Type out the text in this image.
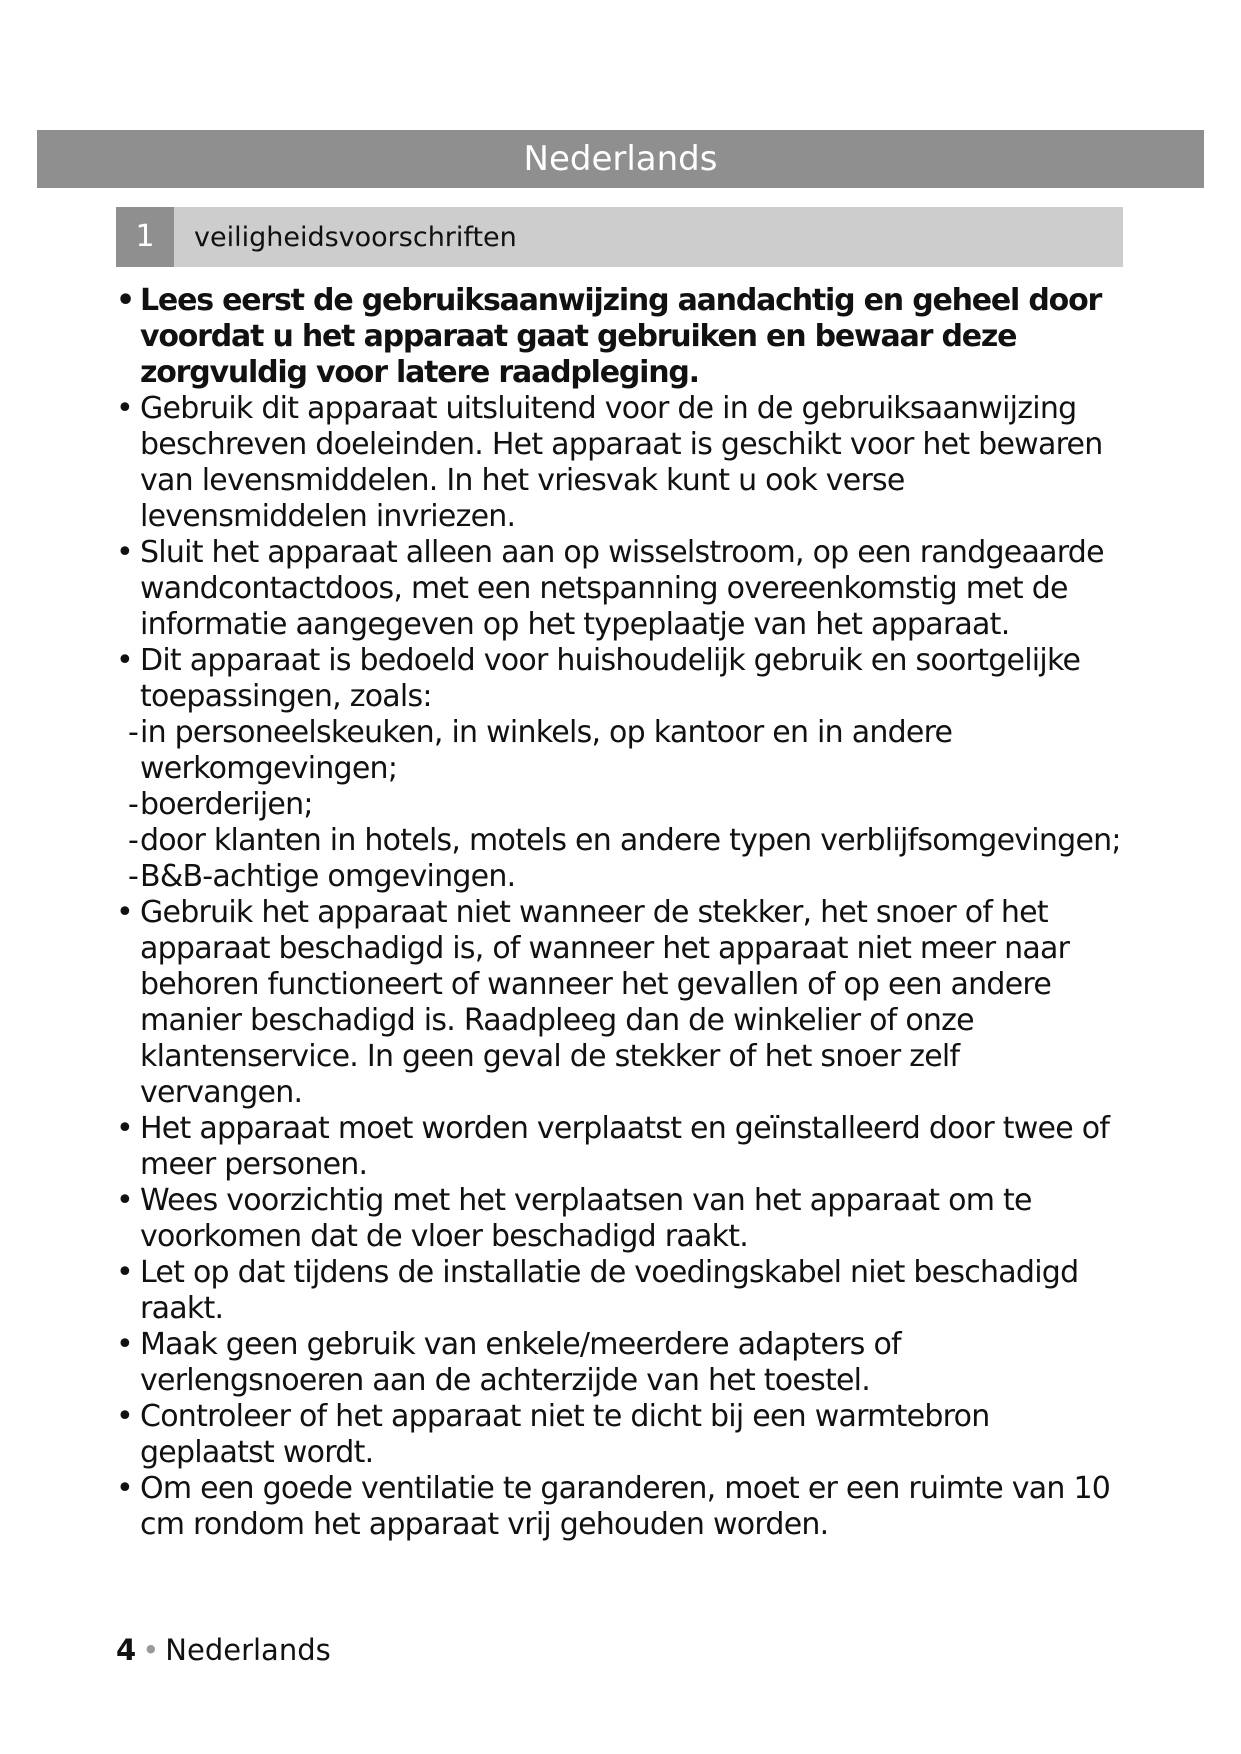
Nederlands
1	veiligheidsvoorschriften

• Lees eerst de gebruiksaanwijzing aandachtig en geheel door voordat u het apparaat gaat gebruiken en bewaar deze zorgvuldig voor latere raadpleging.

• Gebruik dit apparaat uitsluitend voor de in de gebruiksaanwijzing beschreven doeleinden. Het apparaat is geschikt voor het bewaren van levensmiddelen. In het vriesvak kunt u ook verse levensmiddelen invriezen.

• Sluit het apparaat alleen aan op wisselstroom, op een randgeaarde wandcontactdoos, met een netspanning overeenkomstig met de informatie aangegeven op het typeplaatje van het apparaat.

• Dit apparaat is bedoeld voor huishoudelijk gebruik en soortgelijke toepassingen, zoals:

- in personeelskeuken, in winkels, op kantoor en in andere werkomgevingen;

- boerderijen;

- door klanten in hotels, motels en andere typen verblijfsomgevingen;

- B&B-achtige omgevingen.

• Gebruik het apparaat niet wanneer de stekker, het snoer of het apparaat beschadigd is, of wanneer het apparaat niet meer naar behoren functioneert of wanneer het gevallen of op een andere manier beschadigd is. Raadpleeg dan de winkelier of onze klantenservice. In geen geval de stekker of het snoer zelf vervangen.

• Het apparaat moet worden verplaatst en geïnstalleerd door twee of meer personen.

• Wees voorzichtig met het verplaatsen van het apparaat om te voorkomen dat de vloer beschadigd raakt.

• Let op dat tijdens de installatie de voedingskabel niet beschadigd raakt.

• Maak geen gebruik van enkele/meerdere adapters of verlengsnoeren aan de achterzijde van het toestel.

• Controleer of het apparaat niet te dicht bij een warmtebron geplaatst wordt.

• Om een goede ventilatie te garanderen, moet er een ruimte van 10 cm rondom het apparaat vrij gehouden worden.

4 • Nederlands
